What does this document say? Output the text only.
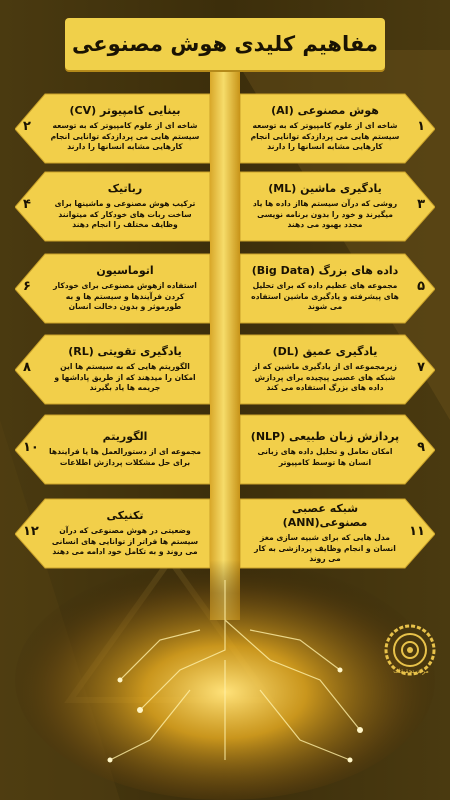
مفاهیم کلیدی هوش مصنوعی
هوش مصنوعی (AI)
شاخه ای از علوم کامپیوتر که به توسعه سیستم هایی می پردازدکه توانایی انجام کارهایی مشابه انسانها را دارند
۱
یادگیری ماشین (ML)
روشی که درآن سیستم هااز داده ها یاد میگیرند و خود را بدون برنامه نویسی مجدد بهبود می دهند
۳
داده های بزرگ (Big Data)
مجموعه های عظیم داده که برای تحلیل های پیشرفته و یادگیری ماشین استفاده می شوند
۵
یادگیری عمیق (DL)
زیرمجموعه ای از یادگیری ماشین که از شبکه های عصبی پیچیده برای پردازش داده های بزرگ استفاده می کند
۷
پردازش زبان طبیعی (NLP)
امکان تعامل و تحلیل داده های زبانی انسان ها توسط کامپیوتر
۹
شبکه عصبی مصنوعی(ANN)
مدل هایی که برای شبیه سازی مغز انسان و انجام وظایف پردازشی به کار می روند
۱۱
بینایی کامپیوتر (CV)
شاخه ای از علوم کامپیوتر که به توسعه سیستم هایی می پردازدکه توانایی انجام کارهایی مشابه انسانها را دارند
۲
رباتیک
ترکیب هوش مصنوعی و ماشینها برای ساخت ربات های خودکار که میتوانند وظایف مختلف را انجام دهند
۴
اتوماسیون
استفاده ازهوش مصنوعی برای خودکار کردن فرآیندها و سیستم ها و به طورموثر و بدون دخالت انسان
۶
یادگیری تقویتی (RL)
الگوریتم هایی که به سیستم ها این امکان را میدهند که از طریق پاداشها و جریمه ها یاد بگیرند
۸
الگوریتم
مجموعه ای از دستورالعمل ها یا فرایندها برای حل مشکلات پردازش اطلاعات
۱۰
تکنیکی
وضعیتی در هوش مصنوعی که درآن سیستم ها فراتر از توانایی های انسانی می روند و به تکامل خود ادامه می دهند
۱۲
مرکز تحقیقات
